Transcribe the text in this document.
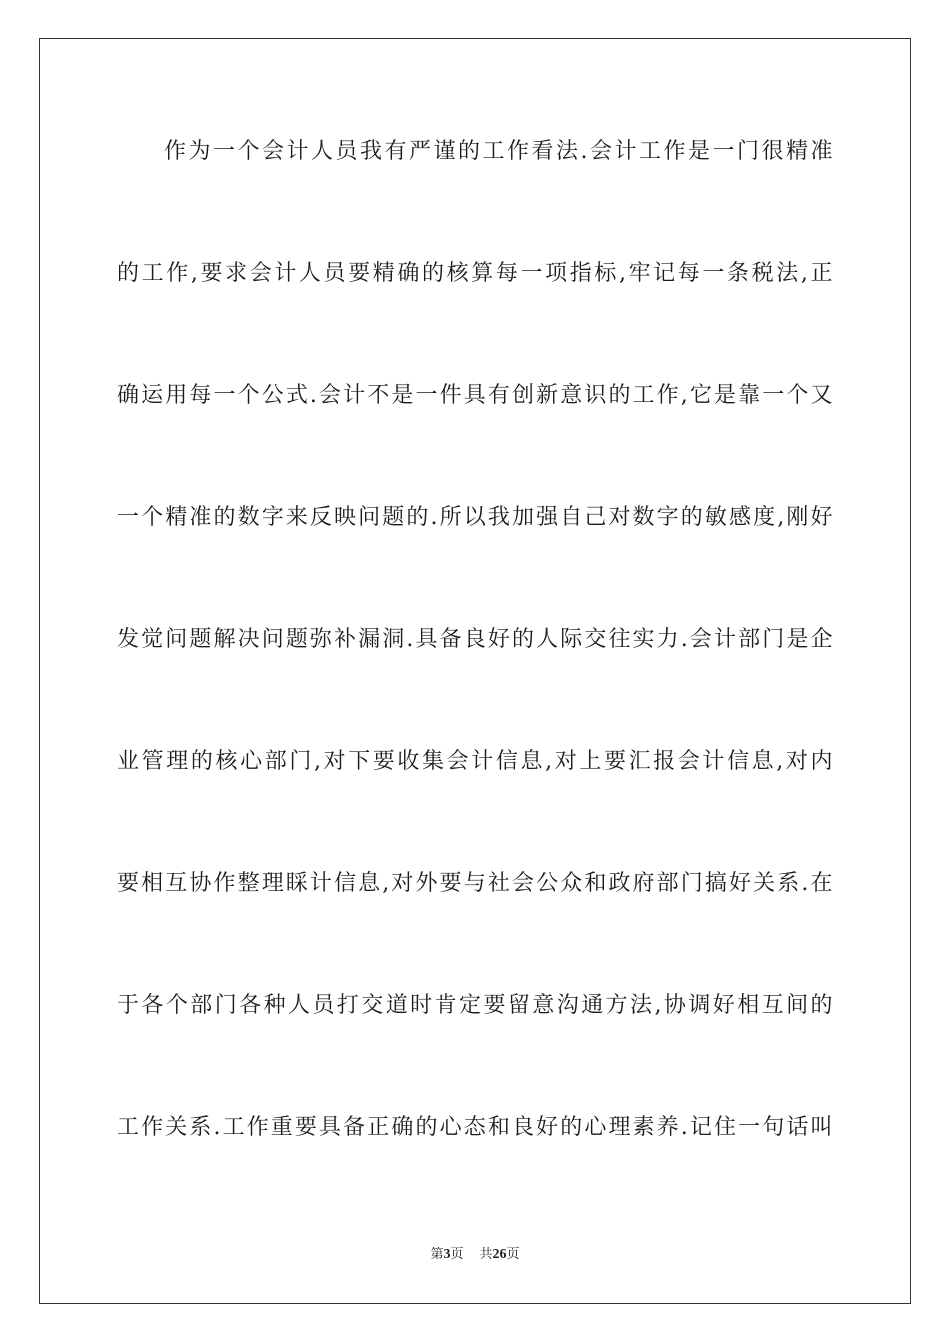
作为一个会计人员我有严谨的工作看法.会计工作是一门很精准
的工作,要求会计人员要精确的核算每一项指标,牢记每一条税法,正
确运用每一个公式.会计不是一件具有创新意识的工作,它是靠一个又
一个精准的数字来反映问题的.所以我加强自己对数字的敏感度,刚好
发觉问题解决问题弥补漏洞.具备良好的人际交往实力.会计部门是企
业管理的核心部门,对下要收集会计信息,对上要汇报会计信息,对内
要相互协作整理睬计信息,对外要与社会公众和政府部门搞好关系.在
于各个部门各种人员打交道时肯定要留意沟通方法,协调好相互间的
工作关系.工作重要具备正确的心态和良好的心理素养.记住一句话叫
第3页 共26页
